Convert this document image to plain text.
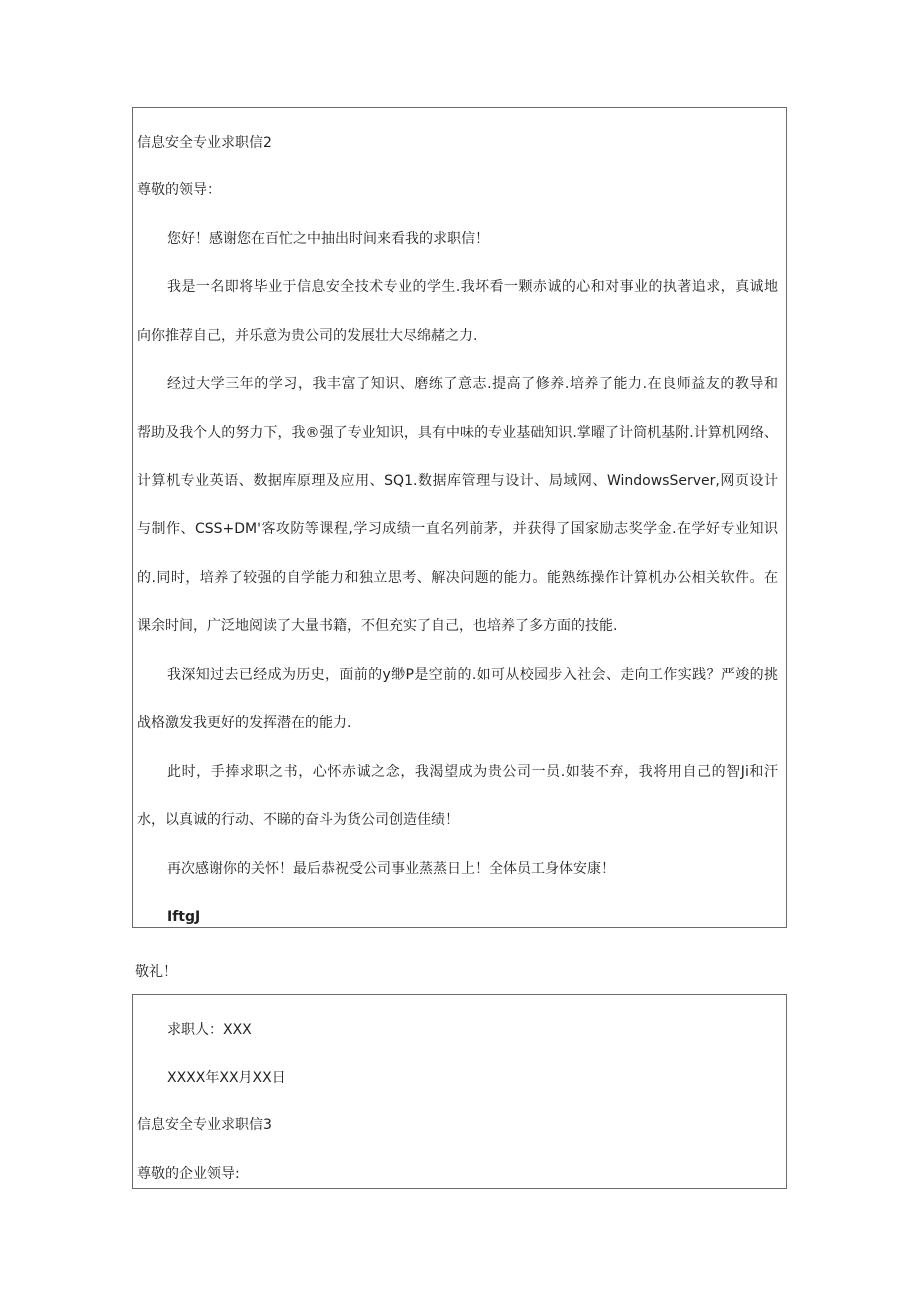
信息安全专业求职信2

尊敬的领导：

您好！感谢您在百忙之中抽出时间来看我的求职信！

我是一名即将毕业于信息安全技术专业的学生.我坏看一颗赤诚的心和对事业的执著追求，真诚地

向你推荐自己，并乐意为贵公司的发展壮大尽绵赭之力.

经过大学三年的学习，我丰富了知识、磨练了意志.提高了修养.培养了能力.在良师益友的教导和

帮助及我个人的努力下，我®强了专业知识，具有中味的专业基础知识.掌曜了计筒机基附.计算机网络、

计算机专业英语、数据库原理及应用、SQ1.数据库管理与设计、局域网、WindowsServer,网页设计

与制作、CSS+DM'客攻防等课程,学习成绩一直名列前茅，并获得了国家励志奖学金.在学好专业知识

的.同时，培养了较强的自学能力和独立思考、解决问题的能力。能熟练操作计算机办公相关软件。在

课余时间，广泛地阅读了大量书籍，不但充实了自己，也培养了多方面的技能.

我深知过去已经成为历史，面前的y缈P是空前的.如可从校园步入社会、走向工作实践？严竣的挑

战格激发我更好的发挥潜在的能力.

此时，手捧求职之书，心怀赤诚之念，我渴望成为贵公司一员.如装不弃，我将用自己的智Ji和汗

水，以真诚的行动、不睇的奋斗为货公司创造佳绩！

再次感谢你的关怀！最后恭祝受公司事业蒸蒸日上！全体员工身体安康！

IftgJ

敬礼！

求职人：XXX

XXXX年XX月XX日

信息安全专业求职信3

尊敬的企业领导:
